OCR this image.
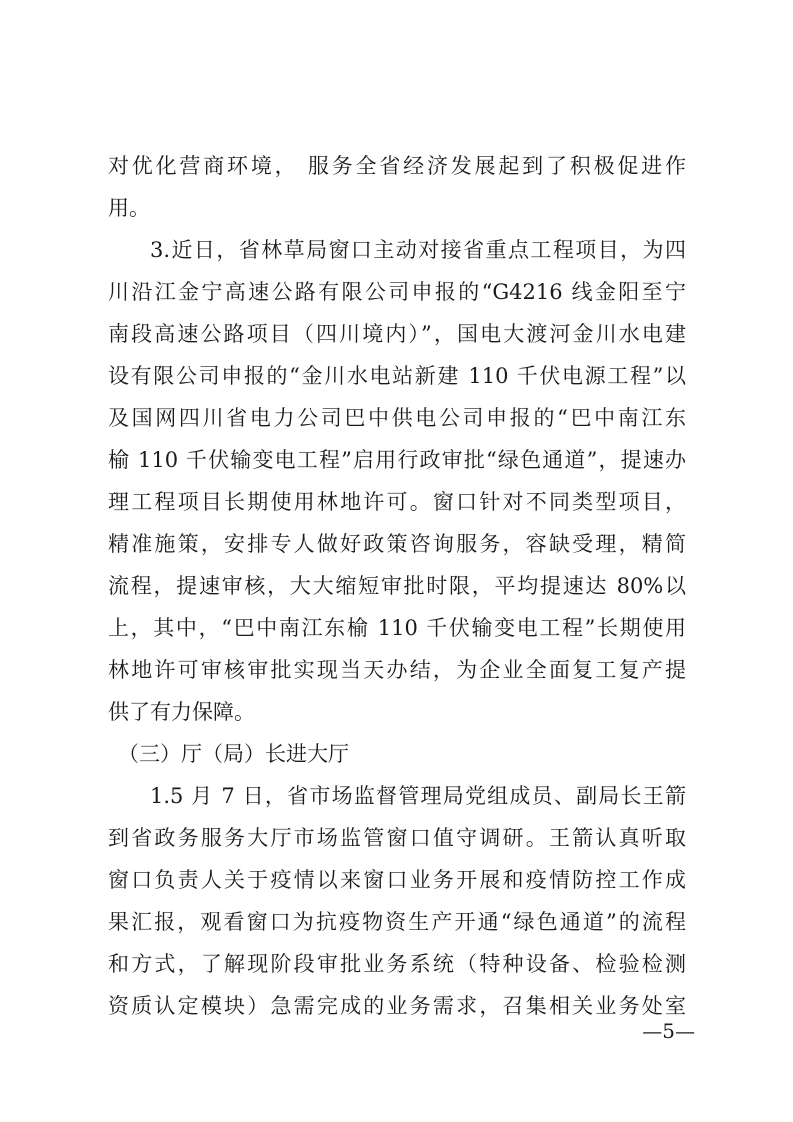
对优化营商环境， 服务全省经济发展起到了积极促进作
用。
3.近日，省林草局窗口主动对接省重点工程项目，为四
川沿江金宁高速公路有限公司申报的“G4216 线金阳至宁
南段高速公路项目（四川境内）”，国电大渡河金川水电建
设有限公司申报的“金川水电站新建 110 千伏电源工程”以
及国网四川省电力公司巴中供电公司申报的“巴中南江东
榆 110 千伏输变电工程”启用行政审批“绿色通道”，提速办
理工程项目长期使用林地许可。窗口针对不同类型项目，
精准施策，安排专人做好政策咨询服务，容缺受理，精简
流程，提速审核，大大缩短审批时限，平均提速达 80%以
上，其中，“巴中南江东榆 110 千伏输变电工程”长期使用
林地许可审核审批实现当天办结，为企业全面复工复产提
供了有力保障。
（三）厅（局）长进大厅
1.5 月 7 日，省市场监督管理局党组成员、副局长王箭
到省政务服务大厅市场监管窗口值守调研。王箭认真听取
窗口负责人关于疫情以来窗口业务开展和疫情防控工作成
果汇报，观看窗口为抗疫物资生产开通“绿色通道”的流程
和方式，了解现阶段审批业务系统（特种设备、检验检测
资质认定模块）急需完成的业务需求，召集相关业务处室
—5—
